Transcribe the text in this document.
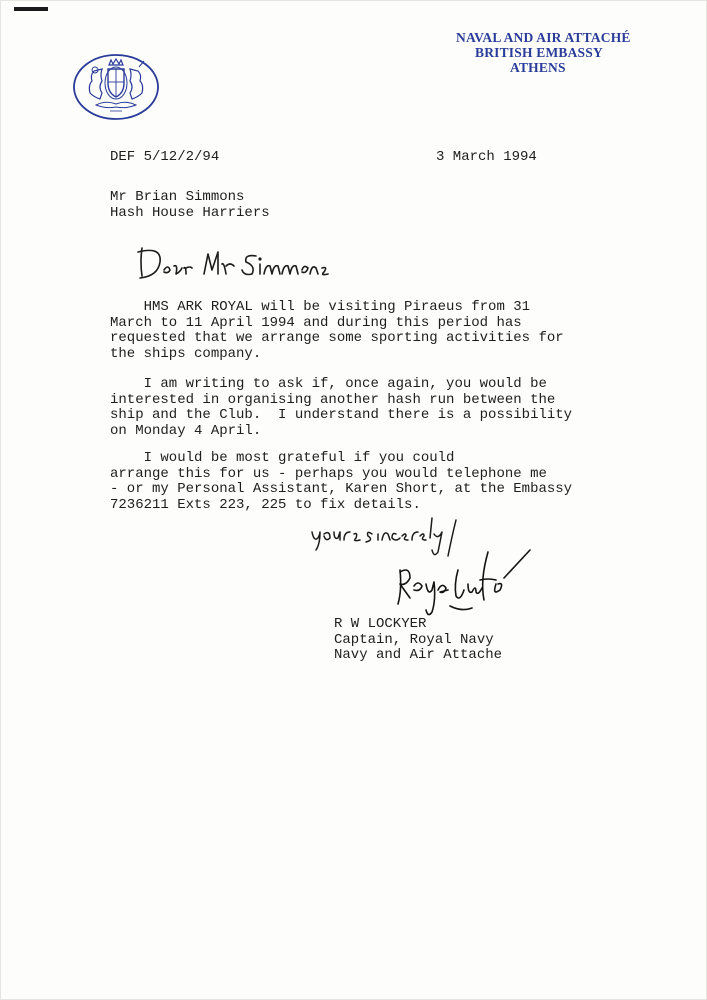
NAVAL AND AIR ATTACHÉ
BRITISH EMBASSY
ATHENS
DEF 5/12/2/94	3 March 1994
Mr Brian Simmons
Hash House Harriers
HMS ARK ROYAL will be visiting Piraeus from 31
March to 11 April 1994 and during this period has
requested that we arrange some sporting activities for
the ships company.
I am writing to ask if, once again, you would be
interested in organising another hash run between the
ship and the Club.  I understand there is a possibility
on Monday 4 April.
I would be most grateful if you could
arrange this for us - perhaps you would telephone me
- or my Personal Assistant, Karen Short, at the Embassy
7236211 Exts 223, 225 to fix details.
R W LOCKYER
Captain, Royal Navy
Navy and Air Attache
